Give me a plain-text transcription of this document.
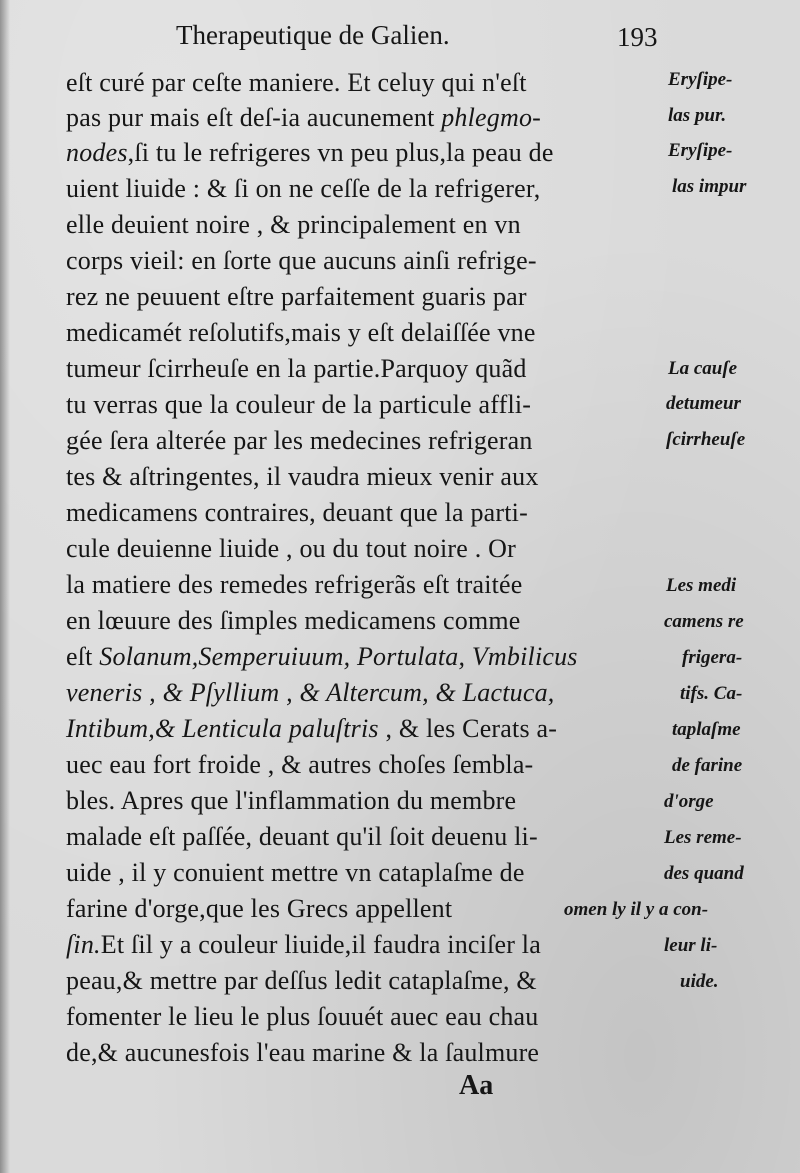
Therapeutique de Galien.	193
eſt curé par ceſte maniere. Et celuy qui n'eſt
pas pur mais eſt deſ-ia aucunement phlegmo-
nodes,ſi tu le refrigeres vn peu plus,la peau de
uient liuide : & ſi on ne ceſſe de la refrigerer,
elle deuient noire , & principalement en vn
corps vieil: en ſorte que aucuns ainſi refrige-
rez ne peuuent eſtre parfaitement guaris par
medicamét reſolutifs,mais y eſt delaiſſée vne
tumeur ſcirrheuſe en la partie.Parquoy quãd
tu verras que la couleur de la particule affli-
gée ſera alterée par les medecines refrigeran
tes & aſtringentes, il vaudra mieux venir aux
medicamens contraires, deuant que la parti-
cule deuienne liuide , ou du tout noire . Or
la matiere des remedes refrigerãs eſt traitée
en lœuure des ſimples medicamens comme
eſt Solanum,Semperuiuum, Portulata, Vmbilicus
veneris , & Pſyllium , & Altercum, & Lactuca,
Intibum,& Lenticula paluſtris , & les Cerats a-
uec eau fort froide , & autres choſes ſembla-
bles. Apres que l'inflammation du membre
malade eſt paſſée, deuant qu'il ſoit deuenu li-
uide , il y conuient mettre vn cataplaſme de
farine d'orge,que les Grecs appellent
ſin.Et ſil y a couleur liuide,il faudra inciſer la
peau,& mettre par deſſus ledit cataplaſme, &
fomenter le lieu le plus ſouuét auec eau chau
de,& aucunesfois l'eau marine & la ſaulmure
Eryſipe-
las pur.
Eryſipe-
las impur
La cauſe
detumeur
ſcirrheuſe
Les medi
camens re
frigera-
tifs. Ca-
taplaſme
de farine
d'orge
Les reme-
des quand
omen ly il y a con-
leur li-
uide.
Aa
